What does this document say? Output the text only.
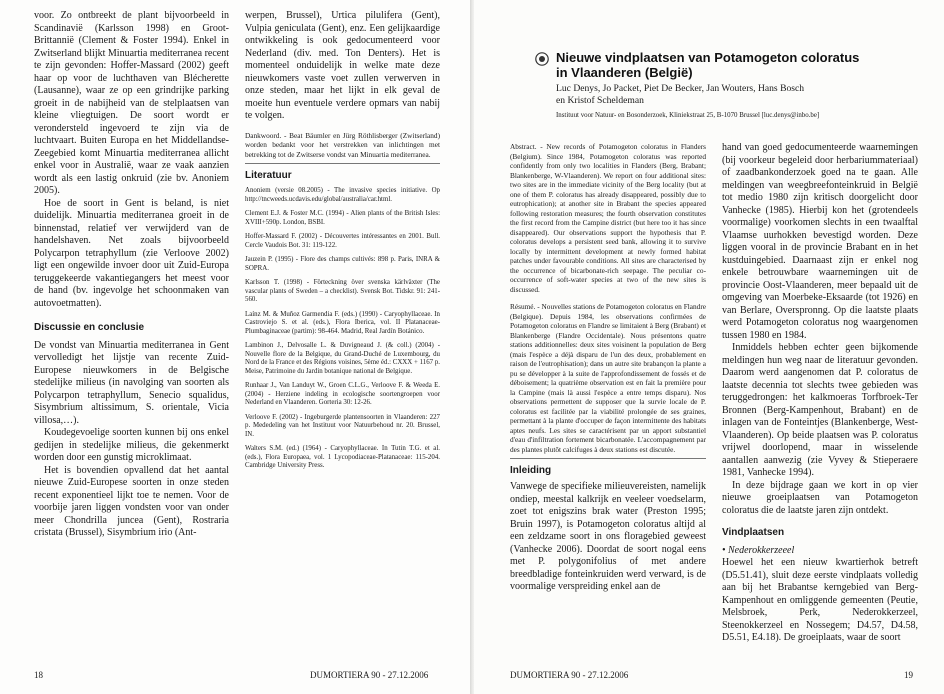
voor. Zo ontbreekt de plant bijvoorbeeld in Scandinavië (Karlsson 1998) en Groot-Brittannië (Clement & Foster 1994). Enkel in Zwitserland blijkt Minuartia mediterranea recent te zijn gevonden: Hoffer-Massard (2002) geeft haar op voor de luchthaven van Blécherette (Lausanne), waar ze op een grindrijke parking groeit in de nabijheid van de stelplaatsen van kleine vliegtuigen. De soort wordt er verondersteld ingevoerd te zijn via de luchtvaart. Buiten Europa en het Middellandse-Zeegebied komt Minuartia mediterranea allicht enkel voor in Australië, waar ze vaak aanzien wordt als een lastig onkruid (zie bv. Anoniem 2005).

Hoe de soort in Gent is beland, is niet duidelijk. Minuartia mediterranea groeit in de binnenstad, relatief ver verwijderd van de handelshaven. Net zoals bijvoorbeeld Polycarpon tetraphyllum (zie Verloove 2002) ligt een ongewilde invoer door uit Zuid-Europa teruggekeerde vakantiegangers het meest voor de hand (bv. ingevolge het schoonmaken van autovoetmatten).

Discussie en conclusie

De vondst van Minuartia mediterranea in Gent vervolledigt het lijstje van recente Zuid-Europese nieuwkomers in de Belgische stedelijke milieus (in navolging van soorten als Polycarpon tetraphyllum, Senecio squalidus, Sisymbrium altissimum, S. orientale, Vicia villosa,…).

Koudegevoelige soorten kunnen bij ons enkel gedijen in stedelijke milieus, die gekenmerkt worden door een gunstig microklimaat.

Het is bovendien opvallend dat het aantal nieuwe Zuid-Europese soorten in onze steden recent exponentieel lijkt toe te nemen. Voor de voorbije jaren liggen vondsten voor van onder meer Chondrilla juncea (Gent), Rostraria cristata (Brussel), Sisymbrium irio (Ant-

werpen, Brussel), Urtica pilulifera (Gent), Vulpia geniculata (Gent), enz. Een gelijkaardige ontwikkeling is ook gedocumenteerd voor Nederland (div. med. Ton Denters). Het is momenteel onduidelijk in welke mate deze nieuwkomers vaste voet zullen verwerven in onze steden, maar het lijkt in elk geval de moeite hun eventuele verdere opmars van nabij te volgen.

Dankwoord. - Beat Bäumler en Jürg Röthlisberger (Zwitserland) worden bedankt voor het verstrekken van inlichtingen met betrekking tot de Zwitserse vondst van Minuartia mediterranea.

Literatuur

Anoniem (versie 08.2005) - The invasive species initiative. Op http://tncweeds.ucdavis.edu/global/australia/car.html.

Clement E.J. & Foster M.C. (1994) - Alien plants of the British Isles: XVIII+590p. London, BSBI.

Hoffer-Massard F. (2002) - Découvertes intéressantes en 2001. Bull. Cercle Vaudois Bot. 31: 119-122.

Jauzein P. (1995) - Flore des champs cultivés: 898 p. Paris, INRA & SOPRA.

Karlsson T. (1998) - Förteckning över svenska kärlväxter (The vascular plants of Sweden – a checklist). Svensk Bot. Tidskr. 91: 241-560.

Laínz M. & Muñoz Garmendia F. (eds.) (1990) - Caryophyllaceae. In Castroviejo S. et al. (eds.), Flora Iberica, vol. II Platanaceae-Plumbaginaceae (partim): 98-464. Madrid, Real Jardín Botánico.

Lambinon J., Delvosalle L. & Duvigneaud J. (& coll.) (2004) - Nouvelle flore de la Belgique, du Grand-Duché de Luxembourg, du Nord de la France et des Régions voisines, 5ème éd.: CXXX + 1167 p. Meise, Patrimoine du Jardin botanique national de Belgique.

Runhaar J., Van Landuyt W., Groen C.L.G., Verloove F. & Weeda E. (2004) - Herziene indeling in ecologische soortengroepen voor Nederland en Vlaanderen. Gorteria 30: 12-26.

Verloove F. (2002) - Ingeburgerde plantensoorten in Vlaanderen: 227 p. Mededeling van het Instituut voor Natuurbehoud nr. 20. Brussel, IN.

Walters S.M. (ed.) (1964) - Caryophyllaceae. In Tutin T.G. et al. (eds.), Flora Europaea, vol. 1 Lycopodiaceae-Platanaceae: 115-204. Cambridge University Press.

18	DUMORTIERA 90 - 27.12.2006
Nieuwe vindplaatsen van Potamogeton coloratus
in Vlaanderen (België)
Luc Denys, Jo Packet, Piet De Becker, Jan Wouters, Hans Bosch
en Kristof Scheldeman
Instituut voor Natuur- en Bosonderzoek, Kliniekstraat 25, B-1070 Brussel [luc.denys@inbo.be]

Abstract. - New records of Potamogeton coloratus in Flanders (Belgium). Since 1984, Potamogeton coloratus was reported confidently from only two localities in Flanders (Berg, Brabant; Blankenberge, W-Vlaanderen). We report on four additional sites: two sites are in the immediate vicinity of the Berg locality (but at one of them P. coloratus has already disappeared, possibly due to eutrophication); at another site in Brabant the species appeared following restoration measures; the fourth observation constitutes the first record from the Campine district (but here too it has since disappeared). Our observations support the hypothesis that P. coloratus develops a persistent seed bank, allowing it to survive locally by intermittent development at newly formed habitat patches under favourable conditions. All sites are characterised by the occurrence of bicarbonate-rich seepage. The peculiar co-occurrence of soft-water species at two of the new sites is discussed.

Résumé. - Nouvelles stations de Potamogeton coloratus en Flandre (Belgique). Depuis 1984, les observations confirmées de Potamogeton coloratus en Flandre se limitaient à Berg (Brabant) et Blankenberge (Flandre Occidentale). Nous présentons quatre stations additionnelles: deux sites voisinent la population de Berg (mais l'espèce a déjà disparu de l'un des deux, probablement en raison de l'eutrophisation); dans un autre site brabançon la plante a pu se développer à la suite de l'approfondissement de fossés et de déboisement; la quatrième observation est en fait la première pour la Campine (mais là aussi l'espèce a entre temps disparu). Nos observations permettent de supposer que la survie locale de P. coloratus est facilitée par la viabilité prolongée de ses graines, permettant à la plante d'occuper de façon intermittente des habitats aptes neufs. Les sites se caractérisent par un apport substantiel d'eau d'infiltration fortement bicarbonatée. L'accompagnement par des plantes plutôt calcifuges à deux stations est discutée.

Inleiding

Vanwege de specifieke milieuvereisten, namelijk ondiep, meestal kalkrijk en veeleer voedselarm, zoet tot enigszins brak water (Preston 1995; Bruin 1997), is Potamogeton coloratus altijd al een zeldzame soort in ons floragebied geweest (Vanhecke 2006). Doordat de soort nogal eens met P. polygonifolius of met andere breedbladige fonteinkruiden werd verward, is de voormalige verspreiding enkel aan de

hand van goed gedocumenteerde waarnemingen (bij voorkeur begeleid door herbariummateriaal) of zaadbankonderzoek goed na te gaan. Alle meldingen van weegbreefonteinkruid in België tot medio 1980 zijn kritisch doorgelicht door Vanhecke (1985). Hierbij kon het (grotendeels voormalige) voorkomen slechts in een twaalftal Vlaamse uurhokken bevestigd worden. Deze liggen vooral in de provincie Brabant en in het kustduingebied. Daarnaast zijn er enkel nog enkele betrouwbare waarnemingen uit de provincie Oost-Vlaanderen, meer bepaald uit de omgeving van Moerbeke-Eksaarde (tot 1926) en van Berlare, Overspronng. Op die laatste plaats werd Potamogeton coloratus nog waargenomen tussen 1980 en 1984.

Inmiddels hebben echter geen bijkomende meldingen hun weg naar de literatuur gevonden. Daarom werd aangenomen dat P. coloratus de laatste decennia tot slechts twee gebieden was teruggedrongen: het kalkmoeras Torfbroek-Ter Bronnen (Berg-Kampenhout, Brabant) en de inlagen van de Fonteintjes (Blankenberge, West-Vlaanderen). Op beide plaatsen was P. coloratus vrijwel doorlopend, maar in wisselende aantallen aanwezig (zie Vyvey & Stieperaere 1981, Vanhecke 1994).

In deze bijdrage gaan we kort in op vier nieuwe groeiplaatsen van Potamogeton coloratus die de laatste jaren zijn ontdekt.

Vindplaatsen

• Nederokkerzeeel

Hoewel het een nieuw kwartierhok betreft (D5.51.41), sluit deze eerste vindplaats volledig aan bij het Brabantse kerngebied van Berg-Kampenhout en omliggende gemeenten (Peutie, Melsbroek, Perk, Nederokkerzeel, Steenokkerzeel en Nossegem; D4.57, D4.58, D5.51, E4.18). De groeiplaats, waar de soort

DUMORTIERA 90 - 27.12.2006	19
